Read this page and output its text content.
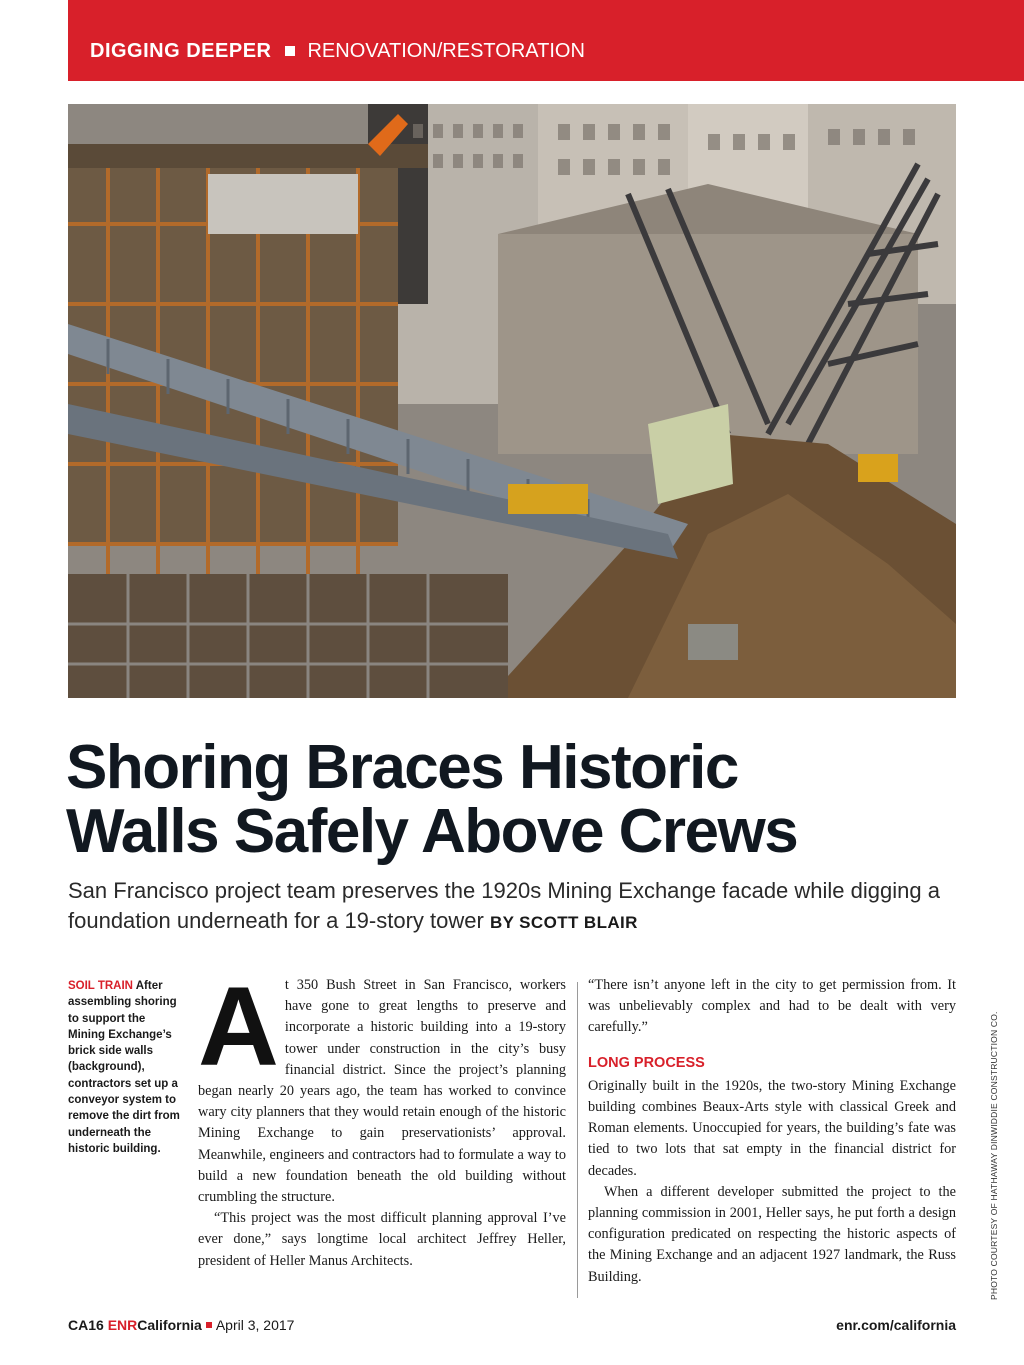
DIGGING DEEPER RENOVATION/RESTORATION
Shoring Braces Historic
Walls Safely Above Crews
San Francisco project team preserves the 1920s Mining Exchange facade while digging a foundation underneath for a 19-story tower BY SCOTT BLAIR
SOIL TRAIN After assembling shoring to support the Mining Exchange’s brick side walls (background), contractors set up a conveyor system to remove the dirt from underneath the historic building.
A t 350 Bush Street in San Francisco, workers have gone to great lengths to preserve and incorporate a historic building into a 19-story tower under construction in the city’s busy financial district. Since the project’s planning began nearly 20 years ago, the team has worked to convince wary city planners that they would retain enough of the historic Mining Exchange to gain preservationists’ approval. Meanwhile, engineers and contractors had to formulate a way to build a new foundation beneath the old building without crumbling the structure.

“This project was the most difficult planning approval I’ve ever done,” says longtime local architect Jeffrey Heller, president of Heller Manus Architects.

“There isn’t anyone left in the city to get permission from. It was unbelievably complex and had to be dealt with very carefully.”

LONG PROCESS

Originally built in the 1920s, the two-story Mining Exchange building combines Beaux-Arts style with classical Greek and Roman elements. Unoccupied for years, the building’s fate was tied to two lots that sat empty in the financial district for decades.

When a different developer submitted the project to the planning commission in 2001, Heller says, he put forth a design configuration predicated on respecting the historic aspects of the Mining Exchange and an adjacent 1927 landmark, the Russ Building.	PHOTO COURTESY OF HATHAWAY DINWIDDIE CONSTRUCTION CO.
CA16 ENRCalifornia April 3, 2017	enr.com/california
